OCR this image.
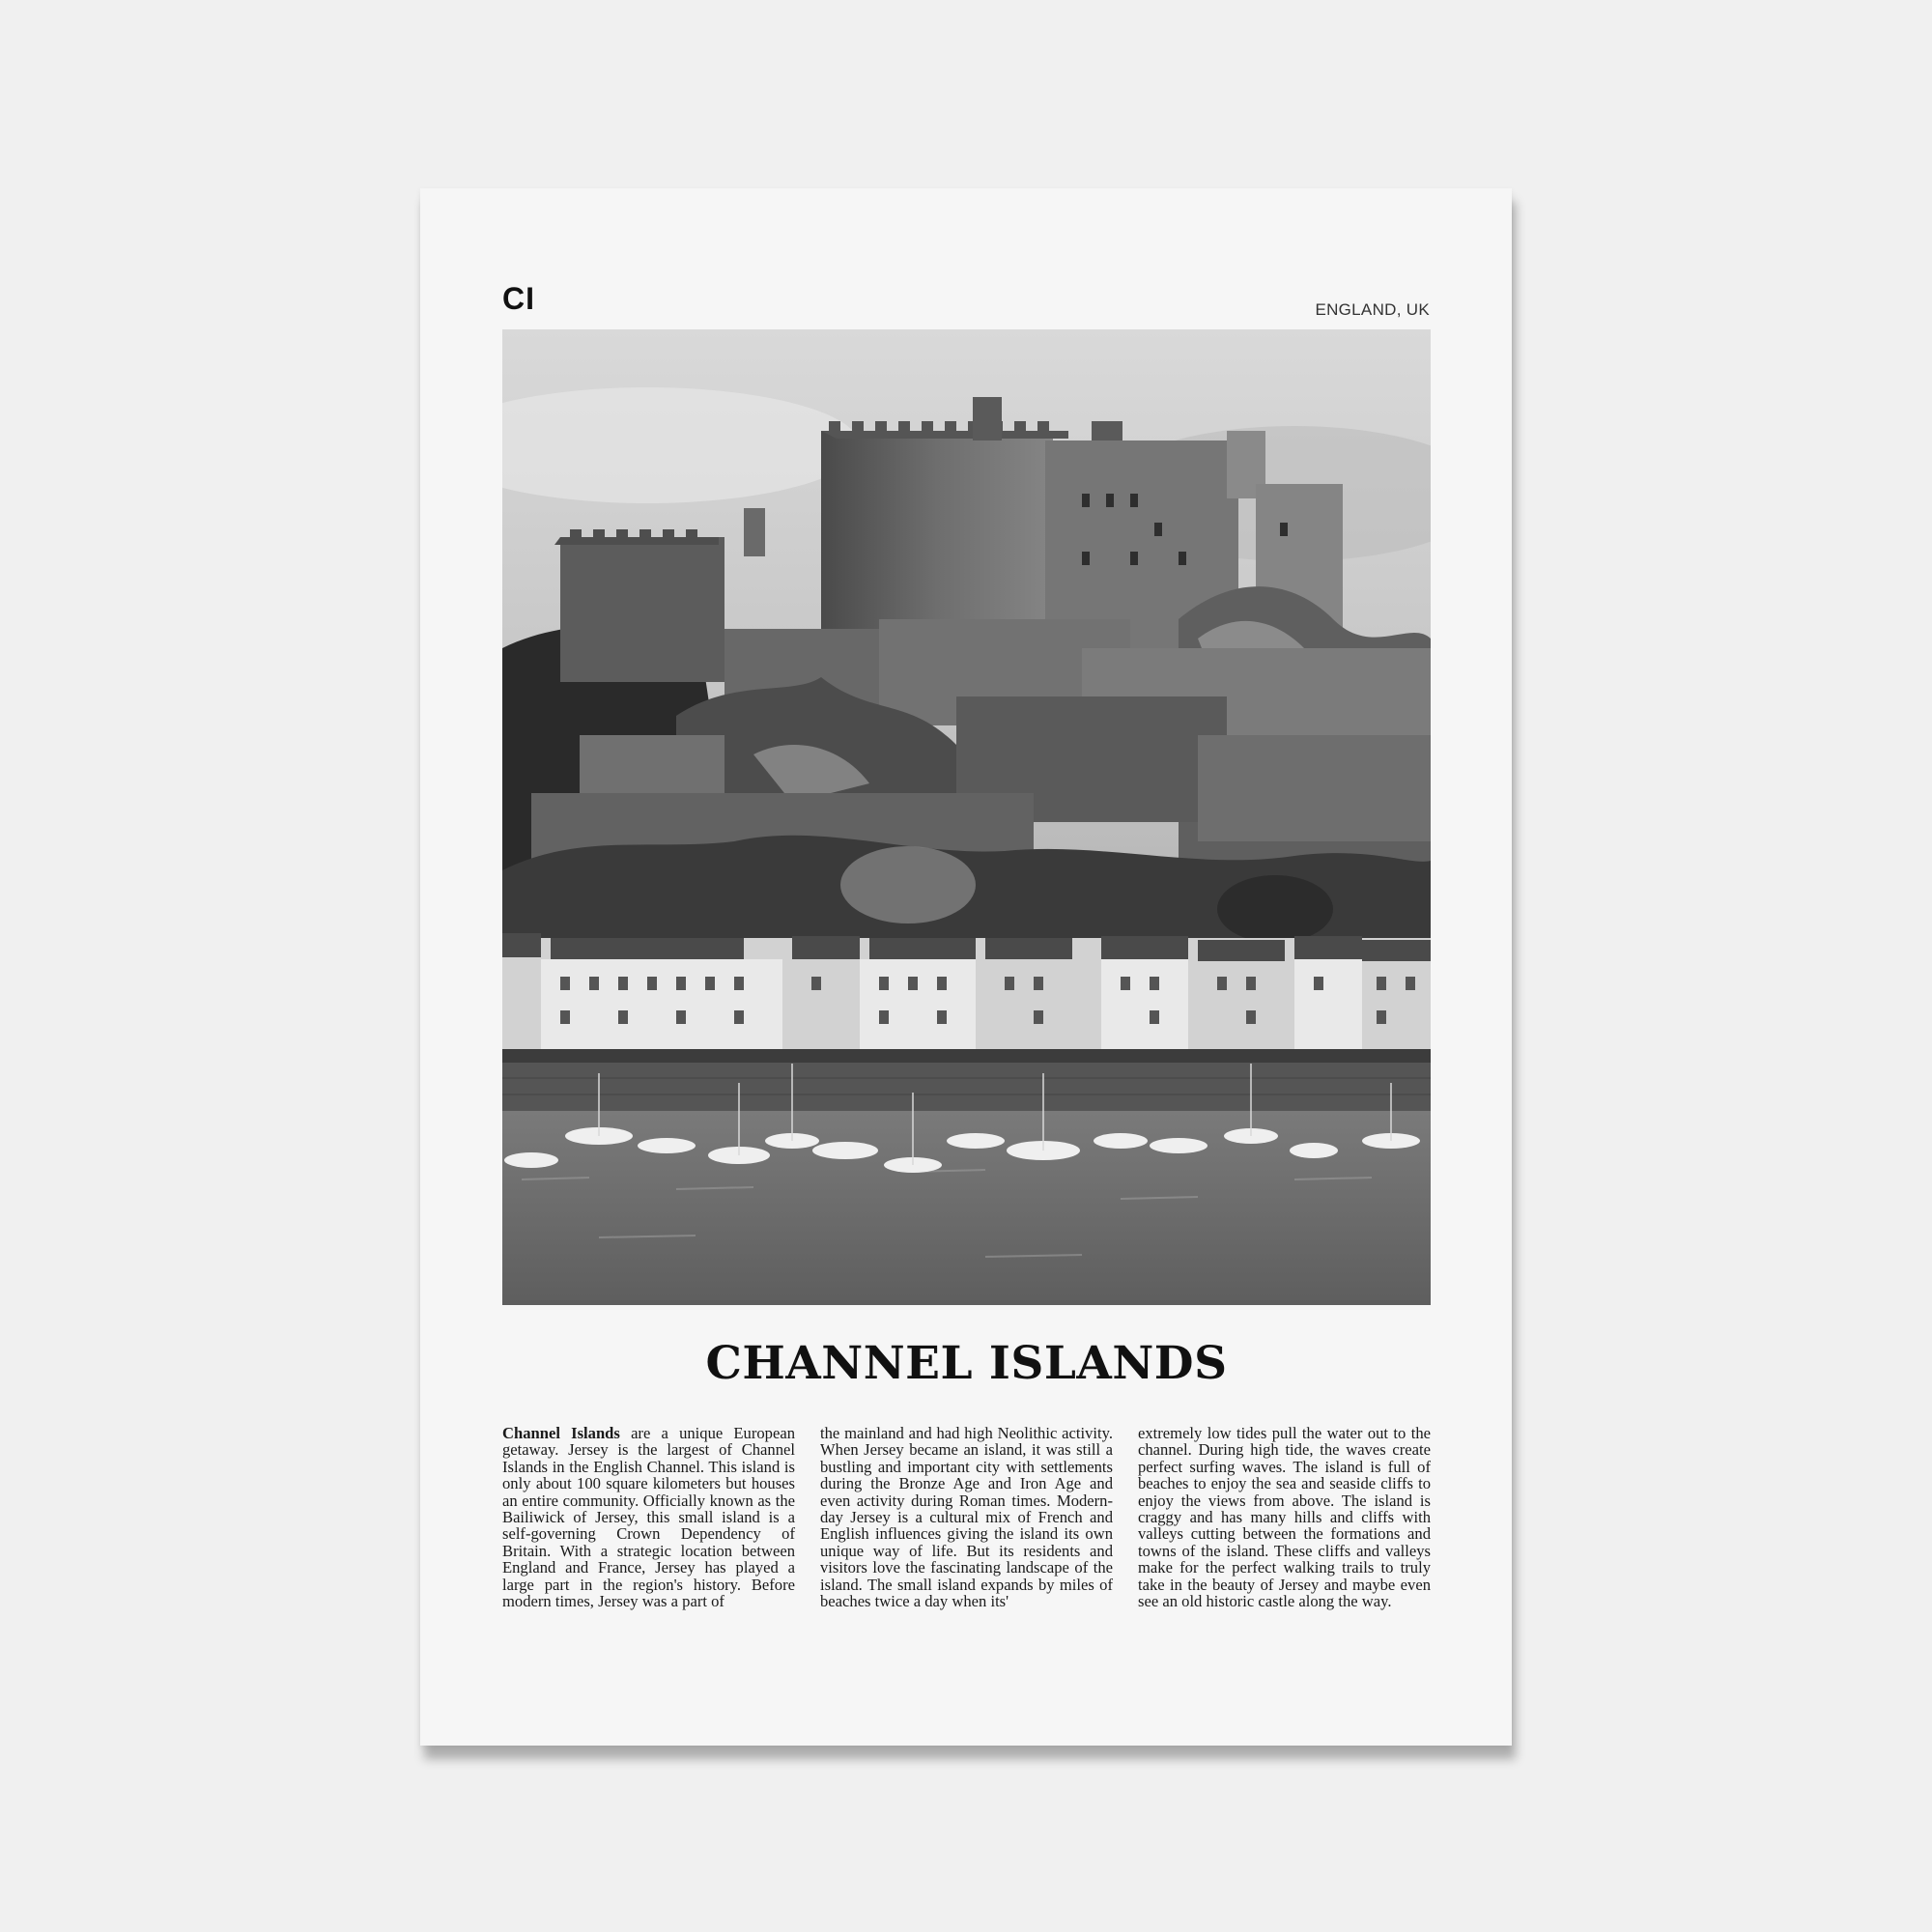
CI	ENGLAND, UK
CHANNEL ISLANDS

Channel Islands are a unique European getaway. Jersey is the largest of Channel Islands in the English Channel. This island is only about 100 square kilometers but houses an entire community. Officially known as the Bailiwick of Jersey, this small island is a self-governing Crown Dependency of Britain. With a strategic location between England and France, Jersey has played a large part in the region's history. Before modern times, Jersey was a part of

the mainland and had high Neolithic activity. When Jersey became an island, it was still a bustling and important city with settlements during the Bronze Age and Iron Age and even activity during Roman times. Modern-day Jersey is a cultural mix of French and English influences giving the island its own unique way of life. But its residents and visitors love the fascinating landscape of the island. The small island expands by miles of beaches twice a day when its'

extremely low tides pull the water out to the channel. During high tide, the waves create perfect surfing waves. The island is full of beaches to enjoy the sea and seaside cliffs to enjoy the views from above. The island is craggy and has many hills and cliffs with valleys cutting between the formations and towns of the island. These cliffs and valleys make for the perfect walking trails to truly take in the beauty of Jersey and maybe even see an old historic castle along the way.
